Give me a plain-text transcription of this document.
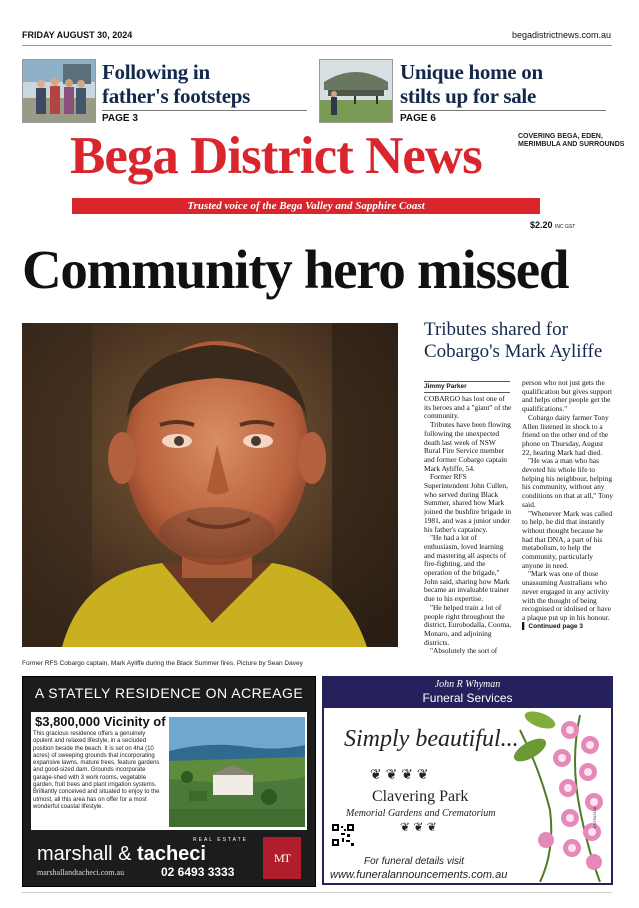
FRIDAY AUGUST 30, 2024	begadistrictnews.com.au
Following in
father's footsteps
PAGE 3
Unique home on
stilts up for sale
PAGE 6
Bega District News	COVERING BEGA, EDEN,
MERIMBULA AND SURROUNDS
Trusted voice of the Bega Valley and Sapphire Coast
$2.20 INC GST
Community hero missed
Former RFS Cobargo captain, Mark Ayliffe during the Black Summer fires. Picture by Sean Davey
Tributes shared for
Cobargo's Mark Ayliffe
Jimmy Parker

COBARGO has lost one of its heroes and a "giant" of the community.

Tributes have been flowing following the unexpected death last week of NSW Rural Fire Service member and former Cobargo captain Mark Ayliffe, 54.

Former RFS Superintendent John Cullen, who served during Black Summer, shared how Mark joined the bushfire brigade in 1981, and was a junior under his father's captaincy.

"He had a lot of enthusiasm, loved learning and mastering all aspects of fire-fighting, and the operation of the brigade," John said, sharing how Mark became an invaluable trainer due to his expertise.

"He helped train a lot of people right throughout the district, Eurobodalla, Cooma, Monaro, and adjoining districts.

"Absolutely the sort of

person who not just gets the qualification but gives support and helps other people get the qualifications."

Cobargo dairy farmer Tony Allen listened in shock to a friend on the other end of the phone on Thursday, August 22, hearing Mark had died.

"He was a man who has devoted his whole life to helping his neighbour, helping his community, without any conditions on that at all," Tony said.

"Whenever Mark was called to help, he did that instantly without thought because he had that DNA, a part of his metabolism, to help the community, particularly anyone in need.

"Mark was one of those unassuming Australians who never engaged in any activity with the thought of being recognised or idolised or have a plaque put up in his honour.

▌ Continued page 3

A STATELY RESIDENCE ON ACREAGE
$3,800,000 Vicinity of
This gracious residence offers a genuinely opulent and relaxed lifestyle, in a secluded position beside the beach. It is set on 4ha (10 acres) of sweeping grounds that incorporating expansive lawns, mature trees, feature gardens and good-sized dam. Grounds incorporate garage-shed with 3 work rooms, vegetable garden, fruit trees and plant irrigation systems. Brilliantly conceived and situated to enjoy to the utmost, all this area has on offer for a most wonderful coastal lifestyle.
marshall & tacheci
REAL ESTATE
marshallandtacheci.com.au	02 6493 3333
MT
John R Whyman
Funeral Services
Simply beautiful...
❦ ❦ ❦ ❦
Clavering Park
Memorial Gardens and Crematorium
❦ ❦ ❦
For funeral details visit
www.funeralannouncements.com.au
AN7902108
